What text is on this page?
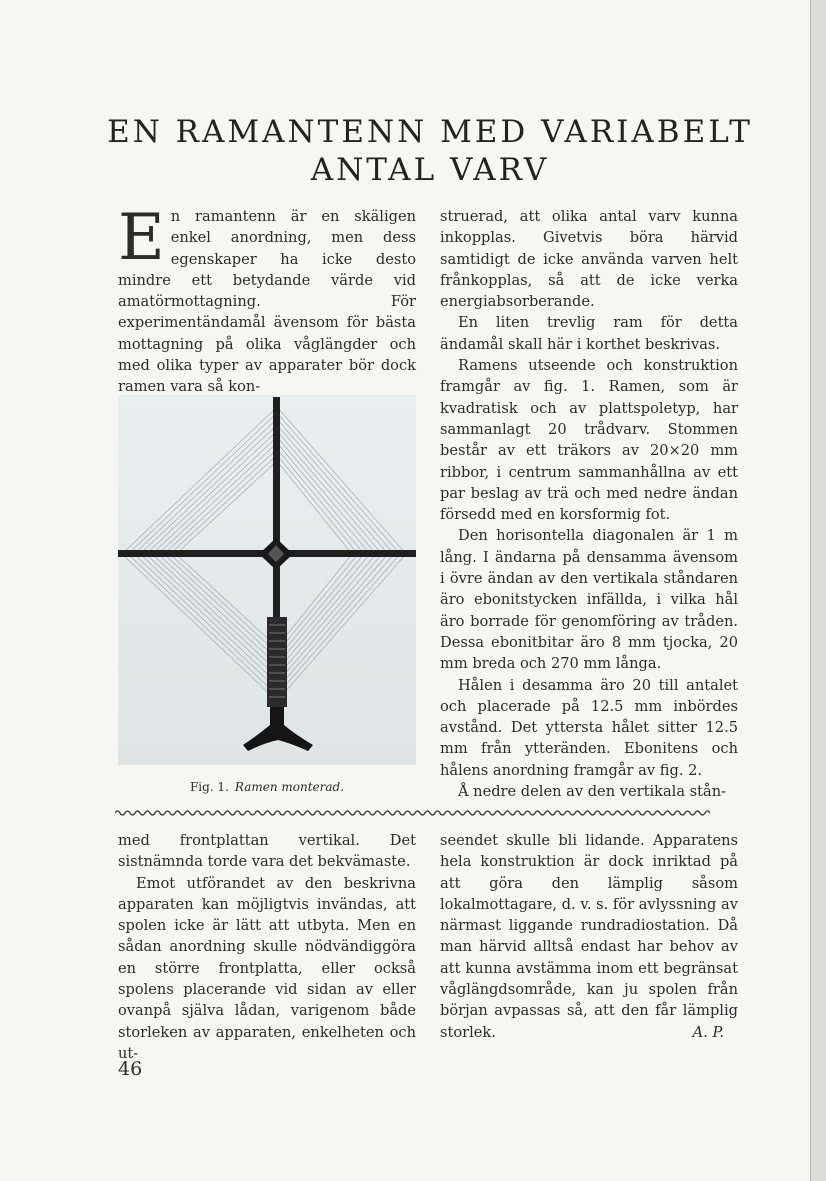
EN RAMANTENN MED VARIABELT
ANTAL VARV

En ramantenn är en skäligen enkel anordning, men dess egenskaper ha icke desto mindre ett betydande värde vid amatörmottagning. För experimentändamål ävensom för bästa mottagning på olika våglängder och med olika typer av apparater bör dock ramen vara så kon-

Fig. 1. Ramen monterad.

struerad, att olika antal varv kunna inkopplas. Givetvis böra härvid samtidigt de icke använda varven helt frånkopplas, så att de icke verka energiabsorberande.

En liten trevlig ram för detta ändamål skall här i korthet beskrivas.

Ramens utseende och konstruktion framgår av fig. 1. Ramen, som är kvadratisk och av plattspoletyp, har sammanlagt 20 trådvarv. Stommen består av ett träkors av 20×20 mm ribbor, i centrum sammanhållna av ett par beslag av trä och med nedre ändan försedd med en korsformig fot.

Den horisontella diagonalen är 1 m lång. I ändarna på densamma ävensom i övre ändan av den vertikala ståndaren äro ebonitstycken infällda, i vilka hål äro borrade för genomföring av tråden. Dessa ebonitbitar äro 8 mm tjocka, 20 mm breda och 270 mm långa.

Hålen i desamma äro 20 till antalet och placerade på 12.5 mm inbördes avstånd. Det yttersta hålet sitter 12.5 mm från ytteränden. Ebonitens och hålens anordning framgår av fig. 2.

Å nedre delen av den vertikala stån-

med frontplattan vertikal. Det sistnämnda torde vara det bekvämaste.

Emot utförandet av den beskrivna apparaten kan möjligtvis invändas, att spolen icke är lätt att utbyta. Men en sådan anordning skulle nödvändiggöra en större frontplatta, eller också spolens placerande vid sidan av eller ovanpå själva lådan, varigenom både storleken av apparaten, enkelheten och ut-

seendet skulle bli lidande. Apparatens hela konstruktion är dock inriktad på att göra den lämplig såsom lokalmottagare, d. v. s. för avlyssning av närmast liggande rundradiostation. Då man härvid alltså endast har behov av att kunna avstämma inom ett begränsat våglängdsområde, kan ju spolen från början avpassas så, att den får lämplig storlek.	A. P.

46
